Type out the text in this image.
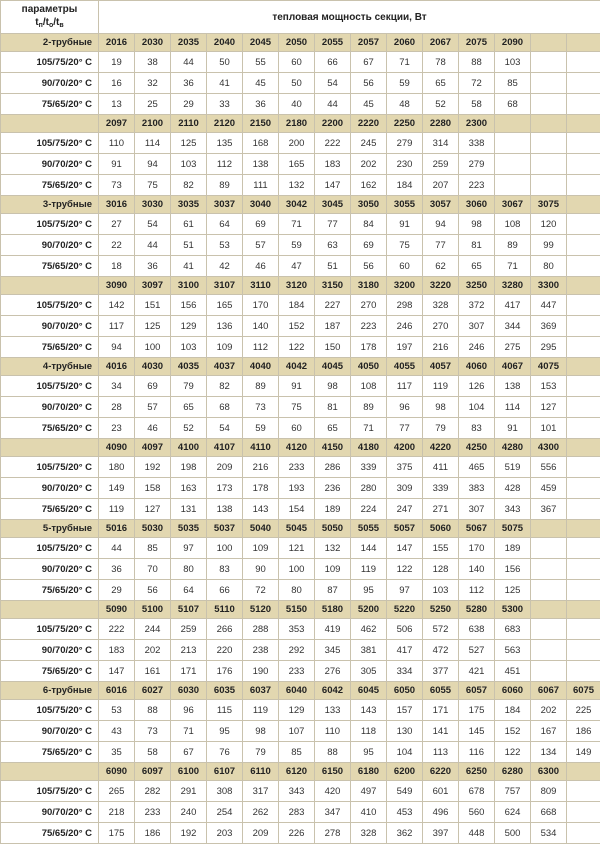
параметры
$t_п/t_о/t_в$	тепловая мощность секции, Вт													
2-трубные	2016	2030	2035	2040	2045	2050	2055	2057	2060	2067	2075	2090		
105/75/20° С	19	38	44	50	55	60	66	67	71	78	88	103		
90/70/20° С	16	32	36	41	45	50	54	56	59	65	72	85		
75/65/20° С	13	25	29	33	36	40	44	45	48	52	58	68		
	2097	2100	2110	2120	2150	2180	2200	2220	2250	2280	2300			
105/75/20° С	110	114	125	135	168	200	222	245	279	314	338			
90/70/20° С	91	94	103	112	138	165	183	202	230	259	279			
75/65/20° С	73	75	82	89	111	132	147	162	184	207	223			
3-трубные	3016	3030	3035	3037	3040	3042	3045	3050	3055	3057	3060	3067	3075	
105/75/20° С	27	54	61	64	69	71	77	84	91	94	98	108	120	
90/70/20° С	22	44	51	53	57	59	63	69	75	77	81	89	99	
75/65/20° С	18	36	41	42	46	47	51	56	60	62	65	71	80	
	3090	3097	3100	3107	3110	3120	3150	3180	3200	3220	3250	3280	3300	
105/75/20° С	142	151	156	165	170	184	227	270	298	328	372	417	447	
90/70/20° С	117	125	129	136	140	152	187	223	246	270	307	344	369	
75/65/20° С	94	100	103	109	112	122	150	178	197	216	246	275	295	
4-трубные	4016	4030	4035	4037	4040	4042	4045	4050	4055	4057	4060	4067	4075	
105/75/20° С	34	69	79	82	89	91	98	108	117	119	126	138	153	
90/70/20° С	28	57	65	68	73	75	81	89	96	98	104	114	127	
75/65/20° С	23	46	52	54	59	60	65	71	77	79	83	91	101	
	4090	4097	4100	4107	4110	4120	4150	4180	4200	4220	4250	4280	4300	
105/75/20° С	180	192	198	209	216	233	286	339	375	411	465	519	556	
90/70/20° С	149	158	163	173	178	193	236	280	309	339	383	428	459	
75/65/20° С	119	127	131	138	143	154	189	224	247	271	307	343	367	
5-трубные	5016	5030	5035	5037	5040	5045	5050	5055	5057	5060	5067	5075		
105/75/20° С	44	85	97	100	109	121	132	144	147	155	170	189		
90/70/20° С	36	70	80	83	90	100	109	119	122	128	140	156		
75/65/20° С	29	56	64	66	72	80	87	95	97	103	112	125		
	5090	5100	5107	5110	5120	5150	5180	5200	5220	5250	5280	5300		
105/75/20° С	222	244	259	266	288	353	419	462	506	572	638	683		
90/70/20° С	183	202	213	220	238	292	345	381	417	472	527	563		
75/65/20° С	147	161	171	176	190	233	276	305	334	377	421	451		
6-трубные	6016	6027	6030	6035	6037	6040	6042	6045	6050	6055	6057	6060	6067	6075
105/75/20° С	53	88	96	115	119	129	133	143	157	171	175	184	202	225
90/70/20° С	43	73	71	95	98	107	110	118	130	141	145	152	167	186
75/65/20° С	35	58	67	76	79	85	88	95	104	113	116	122	134	149
	6090	6097	6100	6107	6110	6120	6150	6180	6200	6220	6250	6280	6300	
105/75/20° С	265	282	291	308	317	343	420	497	549	601	678	757	809	
90/70/20° С	218	233	240	254	262	283	347	410	453	496	560	624	668	
75/65/20° С	175	186	192	203	209	226	278	328	362	397	448	500	534	
